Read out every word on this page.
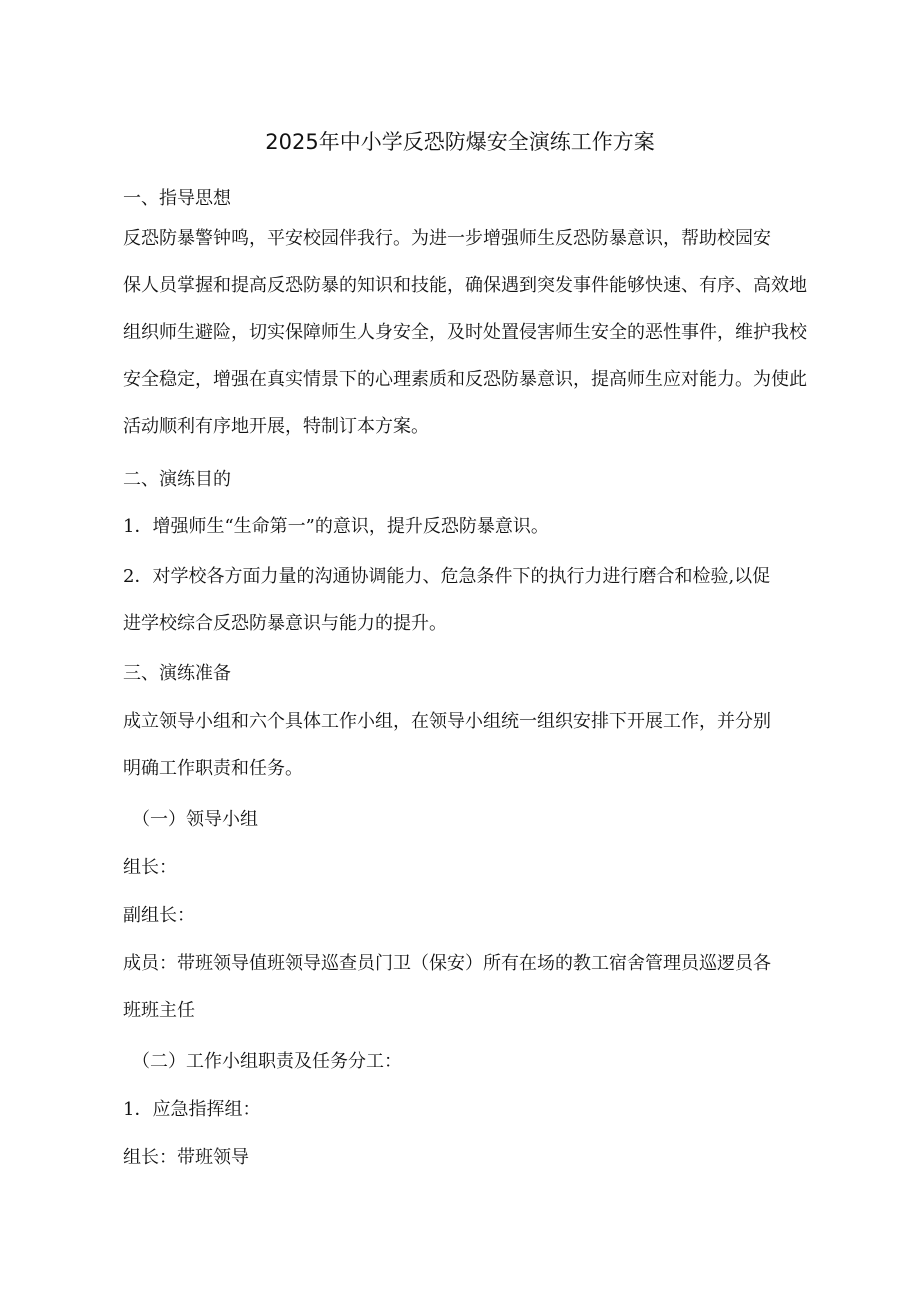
2025年中小学反恐防爆安全演练工作方案

一、指导思想

反恐防暴警钟鸣，平安校园伴我行。为进一步增强师生反恐防暴意识，帮助校园安
保人员掌握和提高反恐防暴的知识和技能，确保遇到突发事件能够快速、有序、高效地
组织师生避险，切实保障师生人身安全，及时处置侵害师生安全的恶性事件，维护我校
安全稳定，增强在真实情景下的心理素质和反恐防暴意识，提高师生应对能力。为使此
活动顺利有序地开展，特制订本方案。

二、演练目的

1．增强师生“生命第一”的意识，提升反恐防暴意识。

2．对学校各方面力量的沟通协调能力、危急条件下的执行力进行磨合和检验,以促
进学校综合反恐防暴意识与能力的提升。

三、演练准备

成立领导小组和六个具体工作小组，在领导小组统一组织安排下开展工作，并分别
明确工作职责和任务。

（一）领导小组

组长：

副组长：

成员：带班领导值班领导巡查员门卫（保安）所有在场的教工宿舍管理员巡逻员各
班班主任

（二）工作小组职责及任务分工：

1．应急指挥组：

组长：带班领导
